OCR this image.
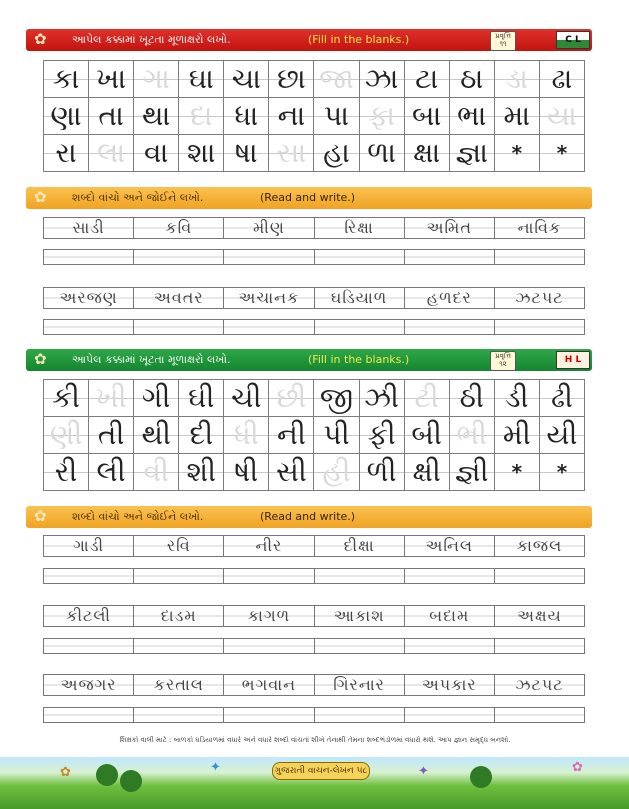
✿ આપેલ કક્કામાં ખૂટતા મૂળાક્ષરો લખો.	(Fill in the blanks.)	પ્રવૃત્તિ ૧૧	C L
કા	ખા	ગા	ઘા	ચા	છા	જા	ઝા	ટા	ઠા	ડા	ઢા
ણા	તા	થા	દા	ધા	ના	પા	ફા	બા	ભા	મા	યા
રા	લા	વા	શા	ષા	સા	હા	ળા	ક્ષા	જ્ઞા	*	*
✿ શબ્દો વાંચો અને જોઈને લખો.	(Read and write.)
સાડી	કવિ	મીણ	રિક્ષા	અમિત	નાવિક
અરજણ	અવતર	અચાનક	ઘડિયાળ	હળદર	ઝટપટ
✿ આપેલ કક્કામાં ખૂટતા મૂળાક્ષરો લખો.	(Fill in the blanks.)	પ્રવૃત્તિ ૧૨	H L
કી	ખી	ગી	ઘી	ચી	છી	જી	ઝી	ટી	ઠી	ડી	ઢી
ણી	તી	થી	દી	ધી	ની	પી	ફી	બી	ભી	મી	યી
રી	લી	વી	શી	ષી	સી	હી	ળી	ક્ષી	જ્ઞી	*	*
✿ શબ્દો વાંચો અને જોઈને લખો.	(Read and write.)
ગાડી	રવિ	નીર	દીક્ષા	અનિલ	કાજલ
કીટલી	દાડમ	કાગળ	આકાશ	બદામ	અક્ષય
અજગર	કરતાલ	ભગવાન	ગિરનાર	અપકાર	ઝટપટ
શિક્ષકો વાલી માટે : બાળકો ઘડિયાળમાં વધારે અને વધારે શબ્દો વાંચતાં શીખે તેનાથી તેમના શબ્દભંડોળમાં વધારો થશે. આપ જ્ઞાન સમૃદ્ધ બનશો.
✿	✦	✦	✿
ગુજરાતી વાચન-લેખન ૫૮
